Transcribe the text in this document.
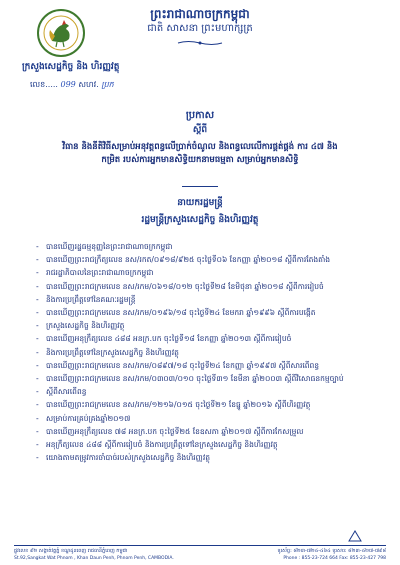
ព្រះរាជាណាចក្រកម្ពុជា
ជាតិ សាសនា ព្រះមហាក្សត្រ
ក្រសួងសេដ្ឋកិច្ច និង ហិរញ្ញវត្ថុ
លេខ..... 099 សហវ. ប្រក
ប្រកាស
ស្តីពី
វិធាន និងនីតិវិធីសម្រាប់អនុវត្តពន្ធលើប្រាក់ចំណូល និងពន្ធលេលើការផ្គត់ផ្គង់ ការ ៤៧ និងកម្រិត របស់ការអ្នកមានសិទ្ធិយកនាមធម្មតា សម្រាប់អ្នកមានសិទ្ធិ
នាយករដ្ឋមន្ត្រី
រដ្ឋមន្ត្រីក្រសួងសេដ្ឋកិច្ច និងហិរញ្ញវត្ថុ
- បានឃើញរដ្ឋធម្មនុញ្ញនៃព្រះរាជាណាចក្រកម្ពុជា
- បានឃើញព្រះរាជក្រឹត្យលេខ នស/រកត/០៩១៨/៩២៥ ចុះថ្ងៃទី០៦ ខែកញ្ញា ឆ្នាំ២០១៨ ស្តីពីការតែងតាំង
- រាជរដ្ឋាភិបាលនៃព្រះរាជាណាចក្រកម្ពុជា
- បានឃើញព្រះរាជក្រមលេខ នស/រកម/០៦១៨/០១២ ចុះថ្ងៃទី២៨ ខែមិថុនា ឆ្នាំ២០១៨ ស្តីពីការរៀបចំ
- និងការប្រព្រឹត្តទៅនៃគណៈរដ្ឋមន្ត្រី
- បានឃើញព្រះរាជក្រមលេខ នស/រកម/០១៩៦/១៨ ចុះថ្ងៃទី២៤ ខែមករា ឆ្នាំ១៩៩៦ ស្តីពីការបង្កើត
- ក្រសួងសេដ្ឋកិច្ច និងហិរញ្ញវត្ថុ
- បានឃើញអនុក្រឹត្យលេខ ៤៨៨ អនក្រ.បក ចុះថ្ងៃទី១៨ ខែកញ្ញា ឆ្នាំ២០១៣ ស្តីពីការរៀបចំ
- និងការប្រព្រឹត្តទៅនៃក្រសួងសេដ្ឋកិច្ច និងហិរញ្ញវត្ថុ
- បានឃើញព្រះរាជក្រមលេខ នស/រកម/០៨៩៧/១៨ ចុះថ្ងៃទី២៤ ខែកញ្ញា ឆ្នាំ១៩៩៧ ស្តីពីសារពើពន្ធ
- បានឃើញព្រះរាជក្រមលេខ នស/រកម/០៣០៣/០១០ ចុះថ្ងៃទី៣១ ខែមីនា ឆ្នាំ២០០៣ ស្តីពីវិសោធនកម្មច្បាប់
- ស្តីពីសារពើពន្ធ
- បានឃើញព្រះរាជក្រមលេខ នស/រកម/១២១៦/០១៥ ចុះថ្ងៃទី២១ ខែធ្នូ ឆ្នាំ២០១៦ ស្តីពីហិរញ្ញវត្ថុ
- សម្រាប់ការគ្រប់គ្រងឆ្នាំ២០១៧
- បានឃើញអនុក្រឹត្យលេខ ៧៨ អនក្រ.បក ចុះថ្ងៃទី២៥ ខែឧសភា ឆ្នាំ២០១៧ ស្តីពីការកែសម្រួល
- អនុក្រឹត្យលេខ ៤៨៨ ស្តីពីការរៀបចំ និងការប្រព្រឹត្តទៅនៃក្រសួងសេដ្ឋកិច្ច និងហិរញ្ញវត្ថុ
- យោងតាមតម្រូវការចាំបាច់របស់ក្រសួងសេដ្ឋកិច្ច និងហិរញ្ញវត្ថុ
ផ្លូវលេខ ៩២ សង្កាត់វត្តភ្នំ ខណ្ឌដូនពេញ រាជធានីភ្នំពេញ កម្ពុជា
St.92,Sangkat Wat Phnom , Khan Daun Penh, Phnom Penh, CAMBODIA.
ទូរស័ព្ទ: ៨២៣-៧២៤-៤៦៤ ទូរសារ: ៨២៣-៤២៧-៧៩៨
Phone : 855-23-724 664 Fax: 855-23-427 798
